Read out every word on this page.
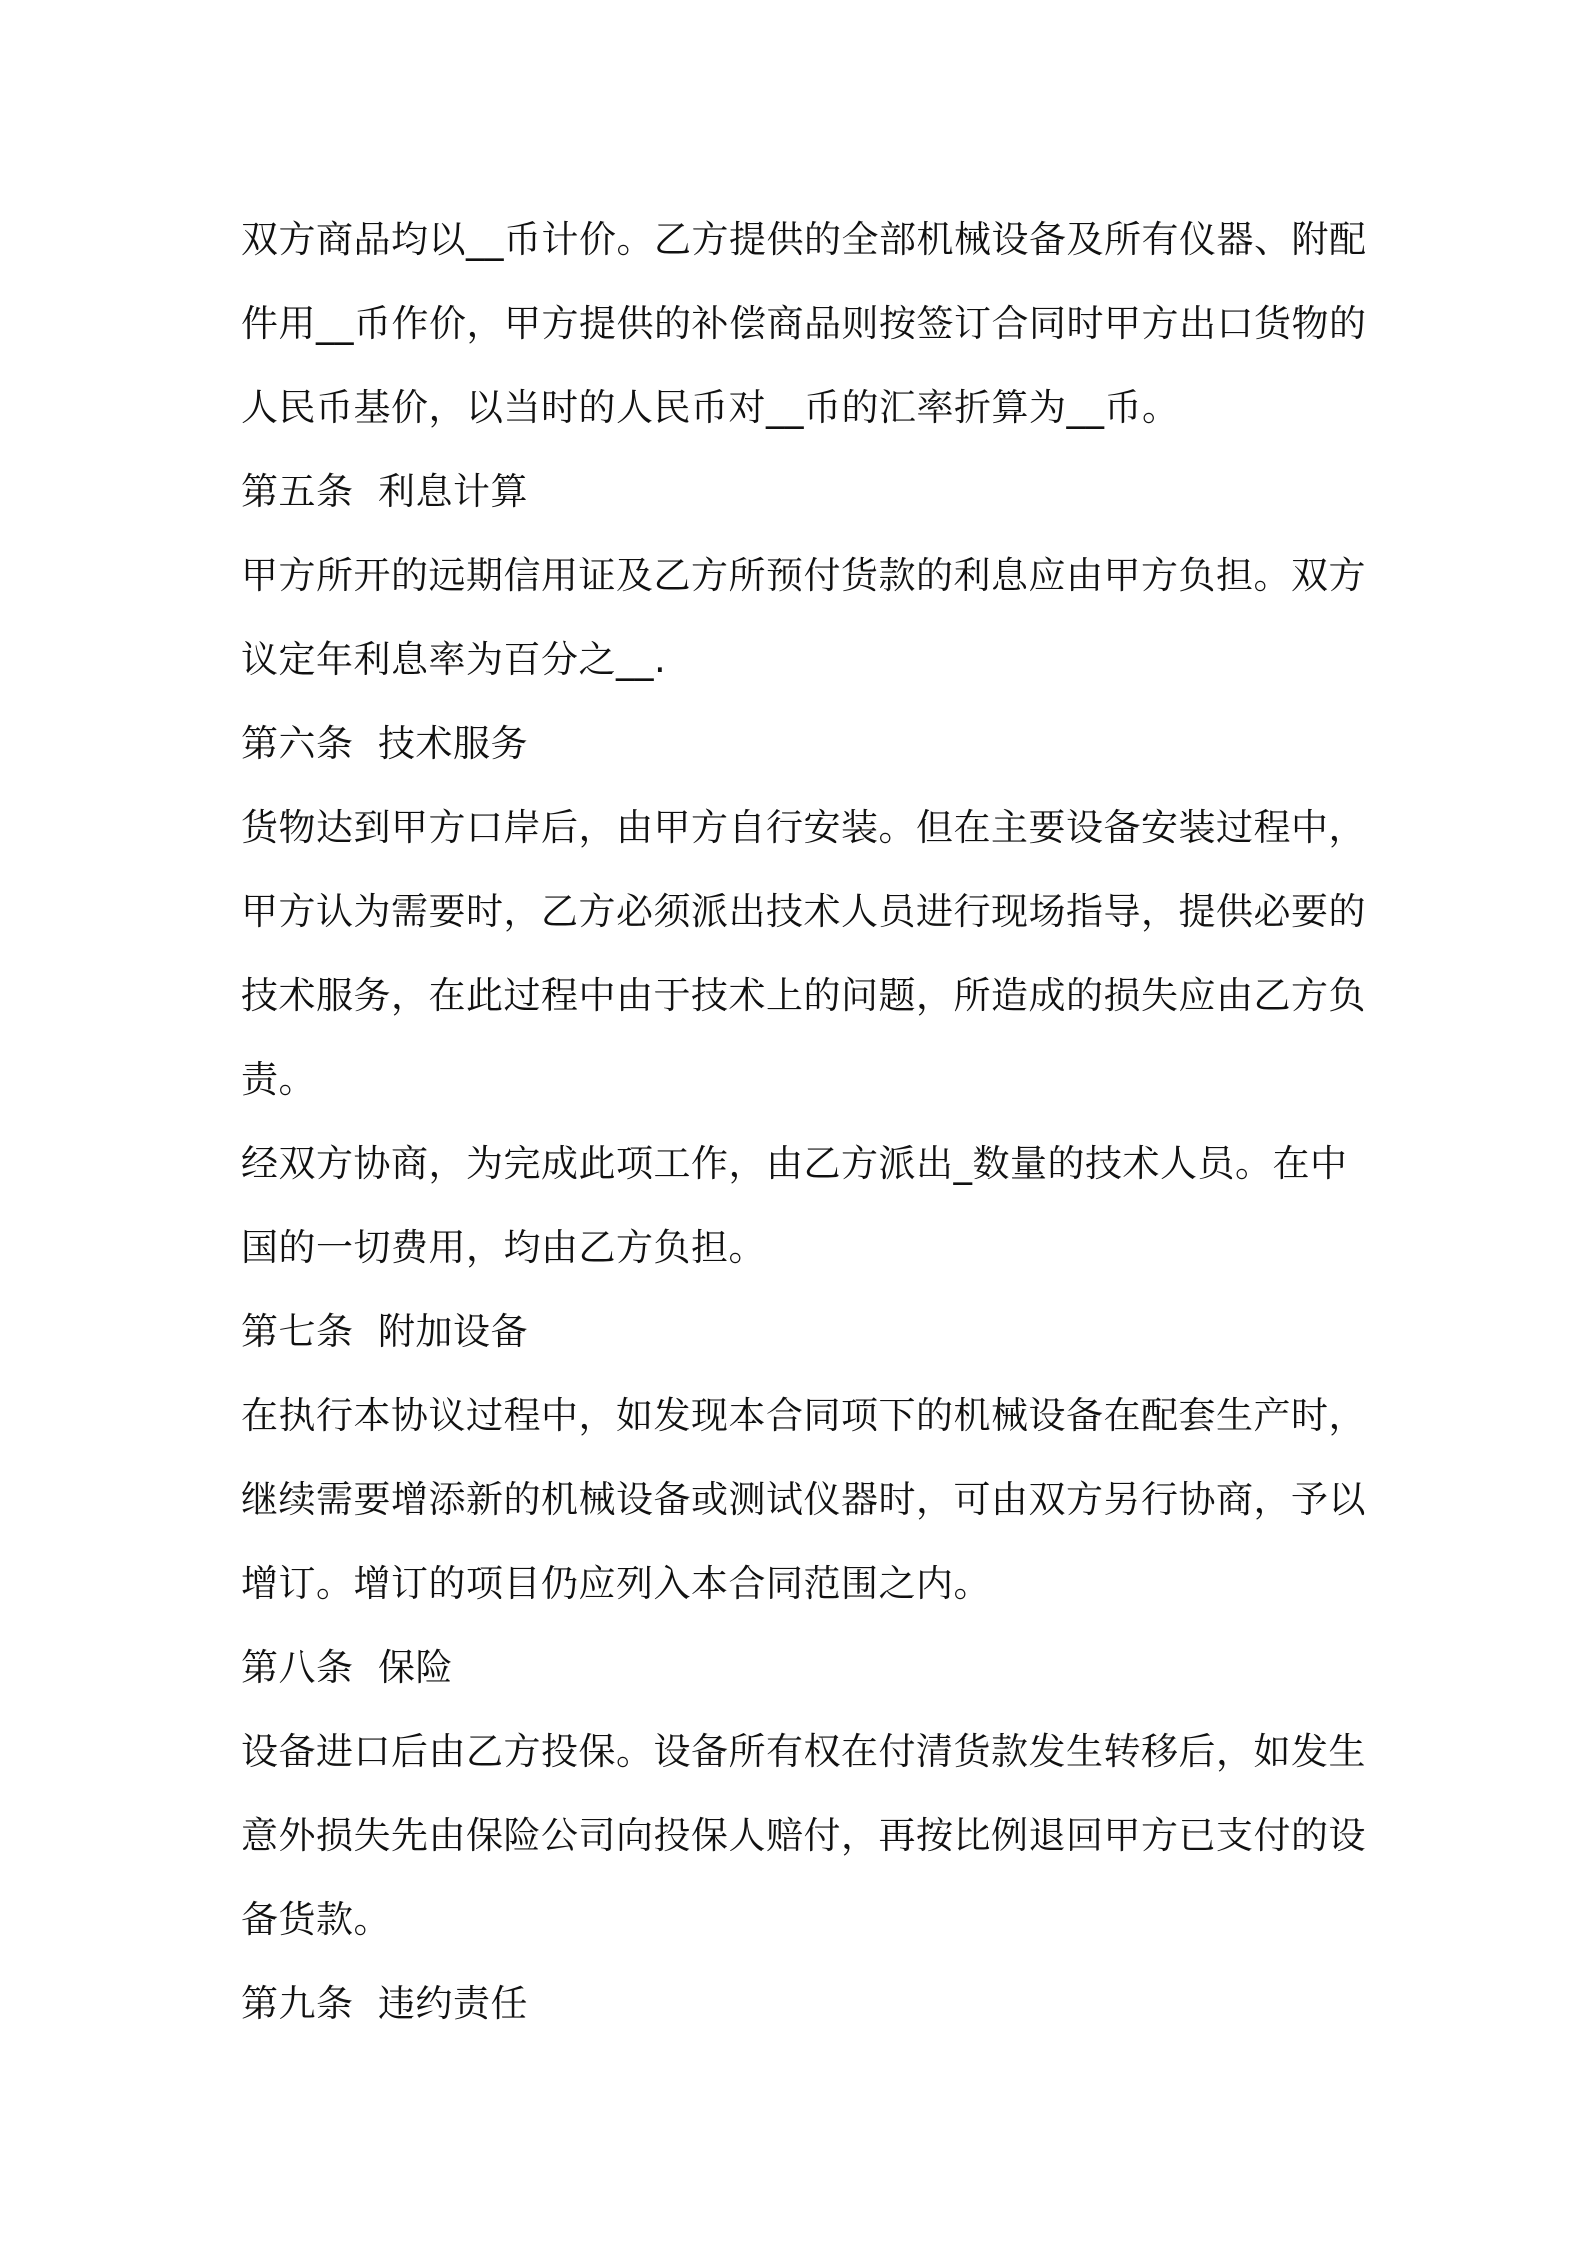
双方商品均以__币计价。乙方提供的全部机械设备及所有仪器、附配
件用__币作价，甲方提供的补偿商品则按签订合同时甲方出口货物的
人民币基价，以当时的人民币对__币的汇率折算为__币。
第五条  利息计算
甲方所开的远期信用证及乙方所预付货款的利息应由甲方负担。双方
议定年利息率为百分之__.
第六条  技术服务
货物达到甲方口岸后，由甲方自行安装。但在主要设备安装过程中，
甲方认为需要时，乙方必须派出技术人员进行现场指导，提供必要的
技术服务，在此过程中由于技术上的问题，所造成的损失应由乙方负
责。
经双方协商，为完成此项工作，由乙方派出_数量的技术人员。在中
国的一切费用，均由乙方负担。
第七条  附加设备
在执行本协议过程中，如发现本合同项下的机械设备在配套生产时，
继续需要增添新的机械设备或测试仪器时，可由双方另行协商，予以
增订。增订的项目仍应列入本合同范围之内。
第八条  保险
设备进口后由乙方投保。设备所有权在付清货款发生转移后，如发生
意外损失先由保险公司向投保人赔付，再按比例退回甲方已支付的设
备货款。
第九条  违约责任
